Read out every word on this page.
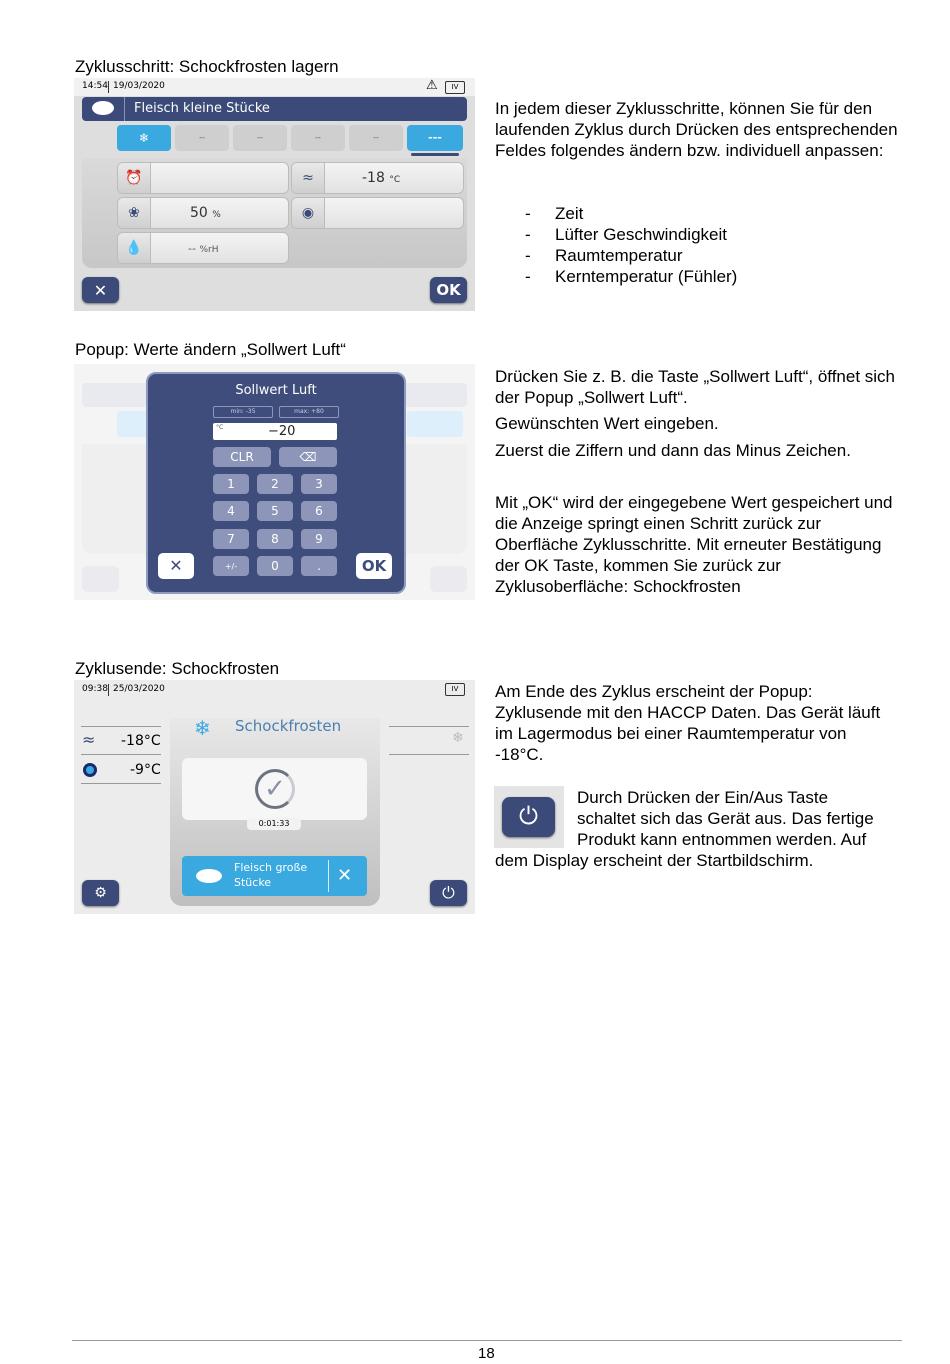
Zyklusschritt: Schockfrosten lagern
14:54 19/03/2020	⚠	IV
Fleisch kleine Stücke
❄	--	--	--	--	---
⏰	≈	-18 °C
❀	50 %	◉
💧	-- %rH
✕	OK
In jedem dieser Zyklusschritte, können Sie für den laufenden Zyklus durch Drücken des entsprechenden Feldes folgendes ändern bzw. individuell anpassen:
- Zeit
- Lüfter Geschwindigkeit
- Raumtemperatur
- Kerntemperatur (Fühler)
Popup: Werte ändern „Sollwert Luft“
Sollwert Luft
min: -35	max: +80
°C	−20
CLR	⌫
1	2	3
4	5	6
7	8	9
+/-	0	.
✕	OK
Drücken Sie z. B. die Taste „Sollwert Luft“, öffnet sich der Popup „Sollwert Luft“.
Gewünschten Wert eingeben.
Zuerst die Ziffern und dann das Minus Zeichen.
Mit „OK“ wird der eingegebene Wert gespeichert und die Anzeige springt einen Schritt zurück zur Oberfläche Zyklusschritte. Mit erneuter Bestätigung der OK Taste, kommen Sie zurück zur Zyklusoberfläche: Schockfrosten
Zyklusende: Schockfrosten
09:38 25/03/2020	IV
≈ -18°C
-9°C
❄
❄ Schockfrosten
✓
0:01:33
Fleisch große
Stücke	✕
⚙	⏻
Am Ende des Zyklus erscheint der Popup: Zyklusende mit den HACCP Daten. Das Gerät läuft im Lagermodus bei einer Raumtemperatur von -18°C.
⏻
Durch Drücken der Ein/Aus Taste
schaltet sich das Gerät aus. Das fertige
Produkt kann entnommen werden. Auf
dem Display erscheint der Startbildschirm.
18
